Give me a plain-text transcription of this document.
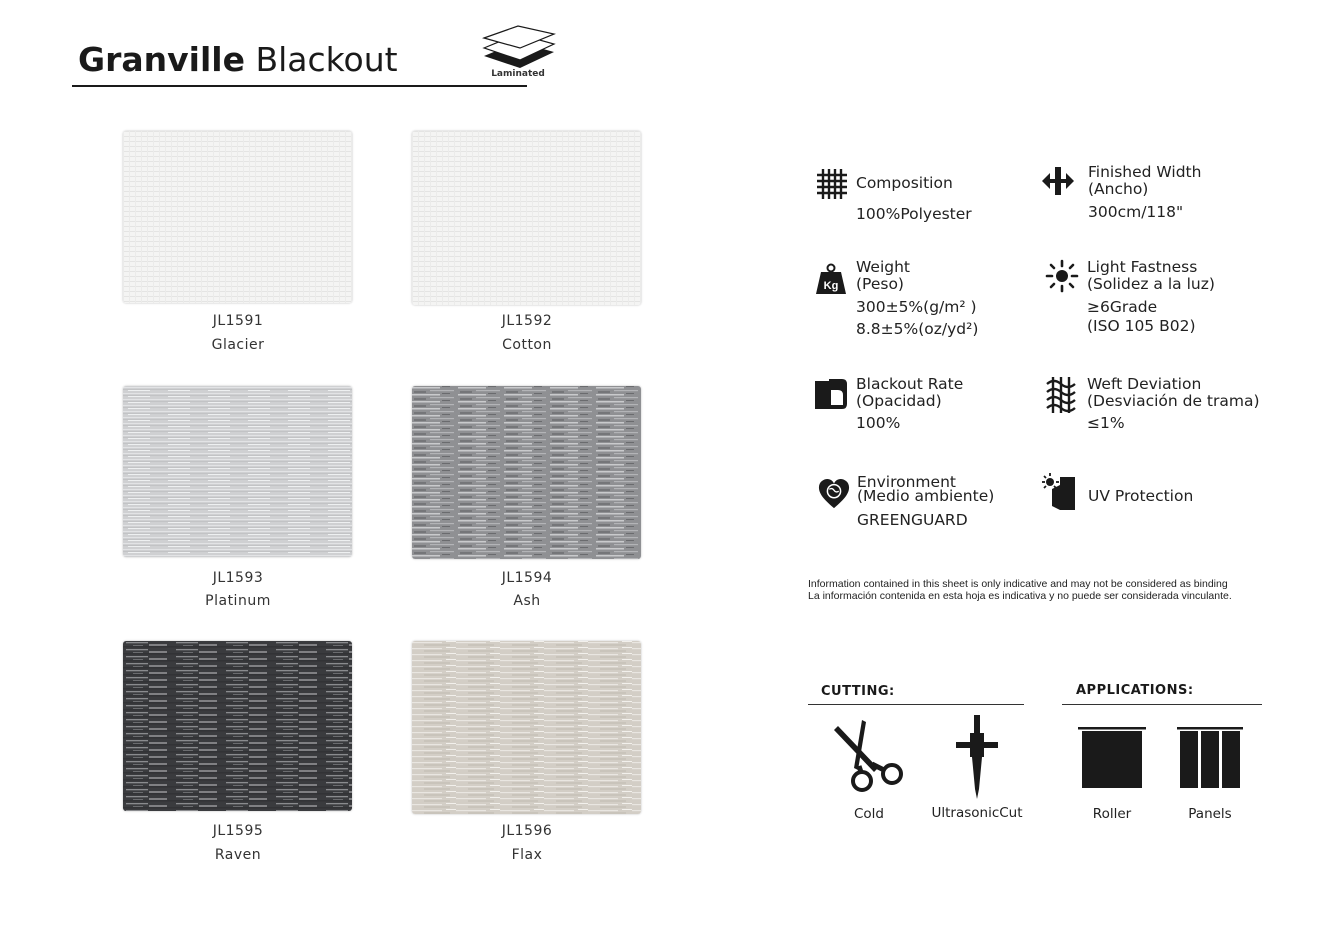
Granville Blackout	Laminated
JL1591
Glacier
JL1592
Cotton
JL1593
Platinum
JL1594
Ash
JL1595
Raven
JL1596
Flax
Composition
100%Polyester
Finished Width
(Ancho)
300cm/118"
Kg
Weight
(Peso)
300±5%(g/m² )
8.8±5%(oz/yd²)
Light Fastness
(Solidez a la luz)
≥6Grade
(ISO 105 B02)
Blackout Rate
(Opacidad)
100%
Weft Deviation
(Desviación de trama)
≤1%
Environment
(Medio ambiente)
GREENGUARD
UV Protection
Information contained in this sheet is only indicative and may not be considered as binding
La información contenida en esta hoja es indicativa y no puede ser considerada vinculante.
CUTTING:
Cold	UltrasonicCut
APPLICATIONS:
Roller	Panels
